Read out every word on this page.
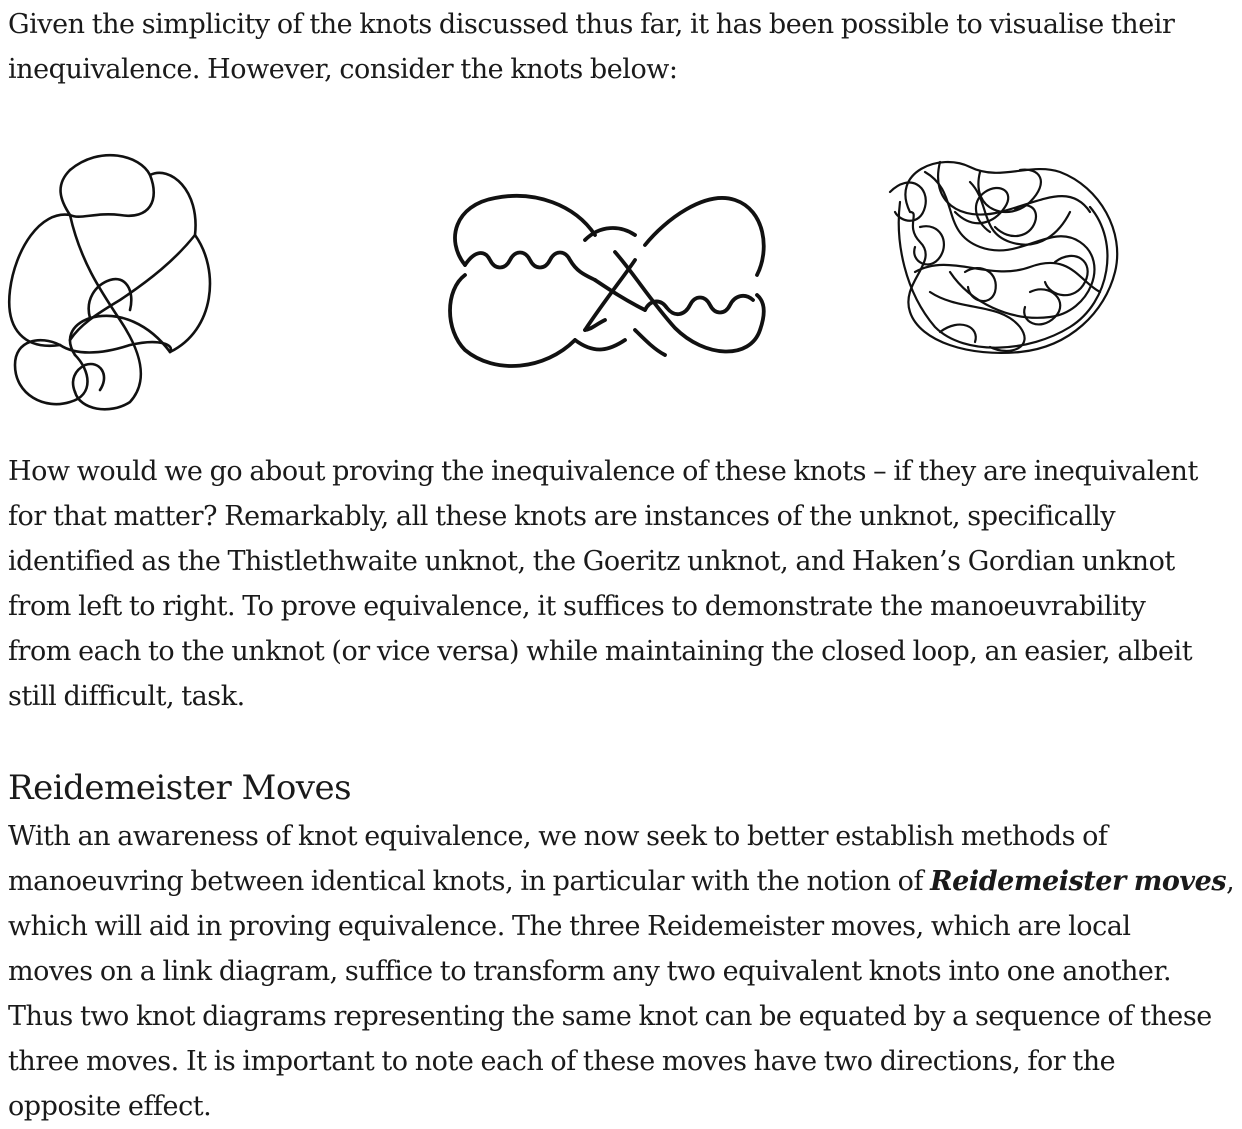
Given the simplicity of the knots discussed thus far, it has been possible to visualise their
inequivalence. However, consider the knots below:
How would we go about proving the inequivalence of these knots – if they are inequivalent
for that matter? Remarkably, all these knots are instances of the unknot, specifically
identified as the Thistlethwaite unknot, the Goeritz unknot, and Haken’s Gordian unknot
from left to right. To prove equivalence, it suffices to demonstrate the manoeuvrability
from each to the unknot (or vice versa) while maintaining the closed loop, an easier, albeit
still difficult, task.
Reidemeister Moves
With an awareness of knot equivalence, we now seek to better establish methods of
manoeuvring between identical knots, in particular with the notion of Reidemeister moves,
which will aid in proving equivalence. The three Reidemeister moves, which are local
moves on a link diagram, suffice to transform any two equivalent knots into one another.
Thus two knot diagrams representing the same knot can be equated by a sequence of these
three moves. It is important to note each of these moves have two directions, for the
opposite effect.
